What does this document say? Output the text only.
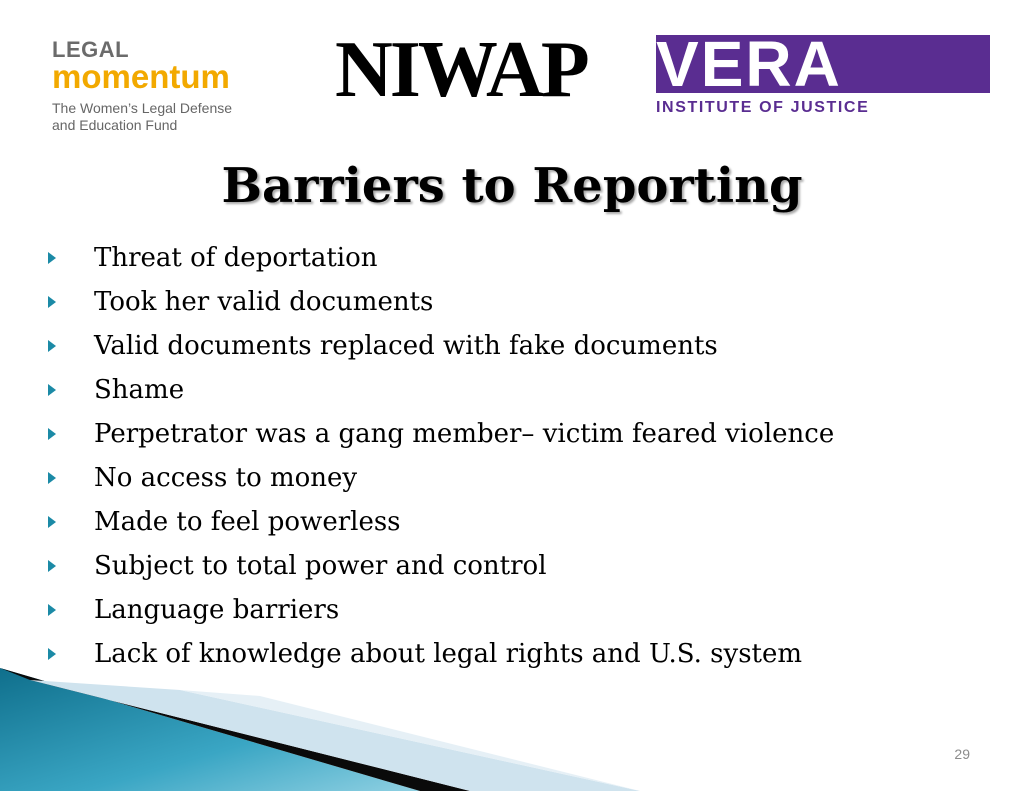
LEGAL
momentum
The Women’s Legal Defense
and Education Fund
NIWAP VERA
INSTITUTE OF JUSTICE
Barriers to Reporting
Threat of deportation
Took her valid documents
Valid documents replaced with fake documents
Shame
Perpetrator was a gang member– victim feared violence
No access to money
Made to feel powerless
Subject to total power and control
Language barriers
Lack of knowledge about legal rights and U.S. system
29
